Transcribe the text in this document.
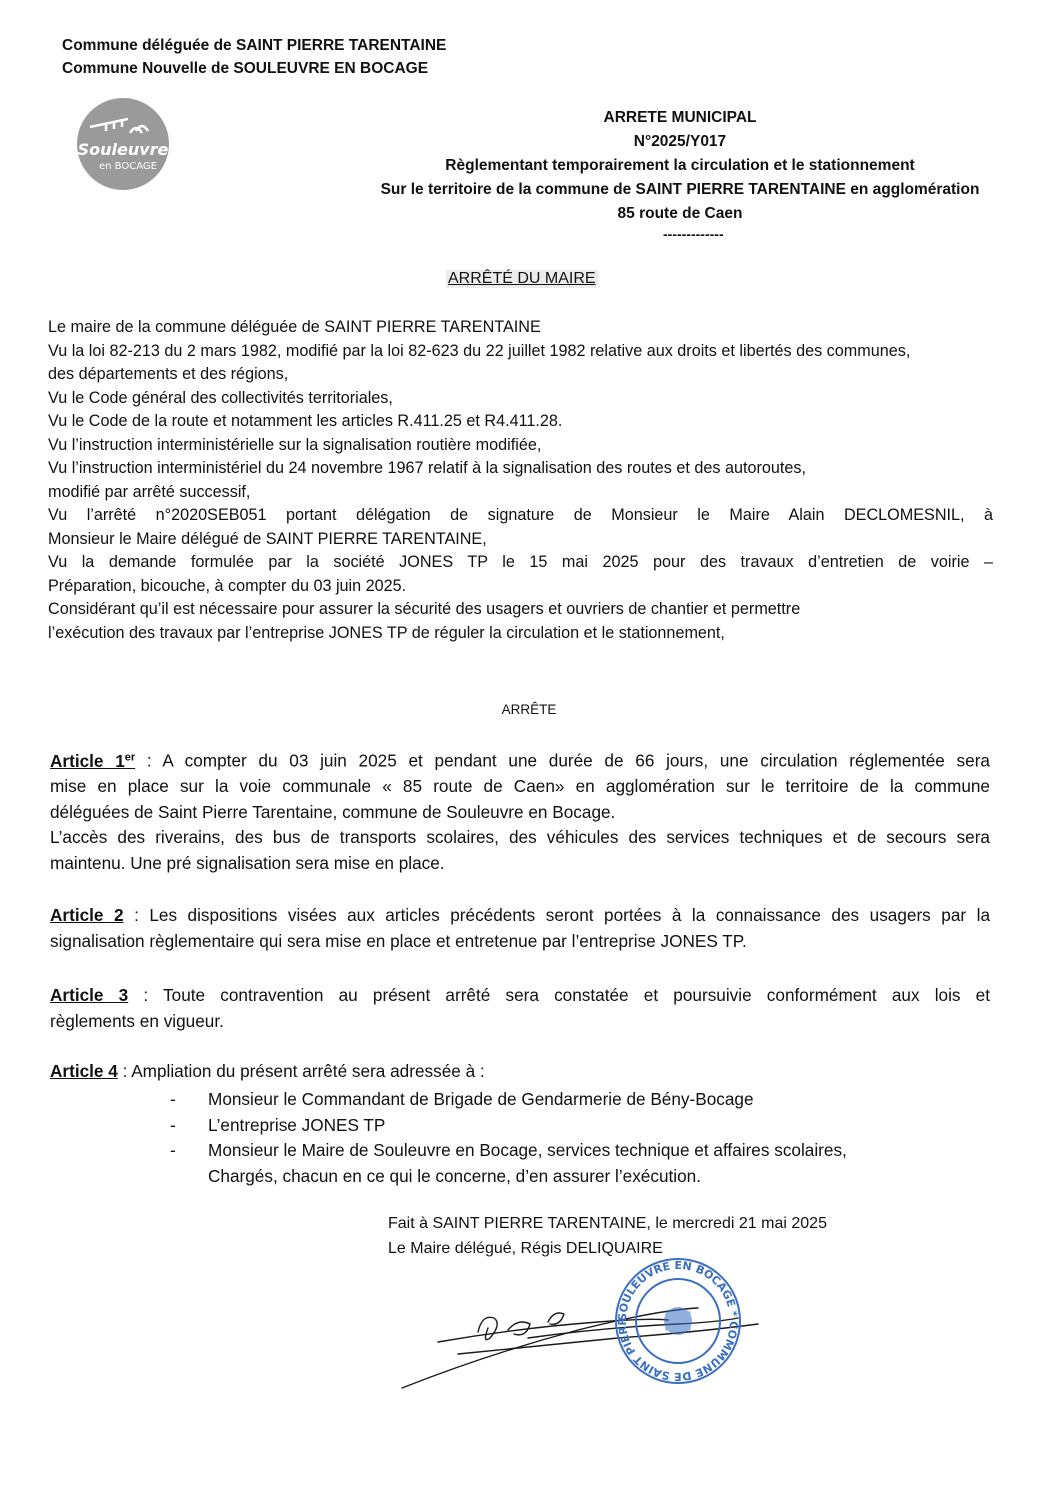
Commune déléguée de SAINT PIERRE TARENTAINE
Commune Nouvelle de SOULEUVRE EN BOCAGE
Souleuvre
en BOCAGE
ARRETE MUNICIPAL
N°2025/Y017
Règlementant temporairement la circulation et le stationnement
Sur le territoire de la commune de SAINT PIERRE TARENTAINE en agglomération
85 route de Caen
-------------
ARRÊTÉ DU MAIRE
Le maire de la commune déléguée de SAINT PIERRE TARENTAINE
Vu la loi 82-213 du 2 mars 1982, modifié par la loi 82-623 du 22 juillet 1982 relative aux droits et libertés des communes,
des départements et des régions,
Vu le Code général des collectivités territoriales,
Vu le Code de la route et notamment les articles R.411.25 et R4.411.28.
Vu l’instruction interministérielle sur la signalisation routière modifiée,
Vu l’instruction interministériel du 24 novembre 1967 relatif à la signalisation des routes et des autoroutes,
modifié par arrêté successif,
Vu l’arrêté n°2020SEB051 portant délégation de signature de Monsieur le Maire Alain DECLOMESNIL, à
Monsieur le Maire délégué de SAINT PIERRE TARENTAINE,
Vu la demande formulée par la société JONES TP le 15 mai 2025 pour des travaux d’entretien de voirie –
Préparation, bicouche, à compter du 03 juin 2025.
Considérant qu’il est nécessaire pour assurer la sécurité des usagers et ouvriers de chantier et permettre
l’exécution des travaux par l’entreprise JONES TP de réguler la circulation et le stationnement,
ARRÊTE
Article 1er : A compter du 03 juin 2025 et pendant une durée de 66 jours, une circulation réglementée sera
mise en place sur la voie communale « 85 route de Caen» en agglomération sur le territoire de la commune
déléguées de Saint Pierre Tarentaine, commune de Souleuvre en Bocage.
L’accès des riverains, des bus de transports scolaires, des véhicules des services techniques et de secours sera
maintenu. Une pré signalisation sera mise en place.
Article 2 : Les dispositions visées aux articles précédents seront portées à la connaissance des usagers par la
signalisation règlementaire qui sera mise en place et entretenue par l’entreprise JONES TP.
Article 3 : Toute contravention au présent arrêté sera constatée et poursuivie conformément aux lois et
règlements en vigueur.
Article 4 : Ampliation du présent arrêté sera adressée à :
-	Monsieur le Commandant de Brigade de Gendarmerie de Bény-Bocage
-	L’entreprise JONES TP
-	Monsieur le Maire de Souleuvre en Bocage, services technique et affaires scolaires,
Chargés, chacun en ce qui le concerne, d’en assurer l’exécution.
Fait à SAINT PIERRE TARENTAINE, le mercredi 21 mai 2025
Le Maire délégué, Régis DELIQUAIRE
SOULEUVRE EN BOCAGE * COMMUNE DE SAINT PIERR
